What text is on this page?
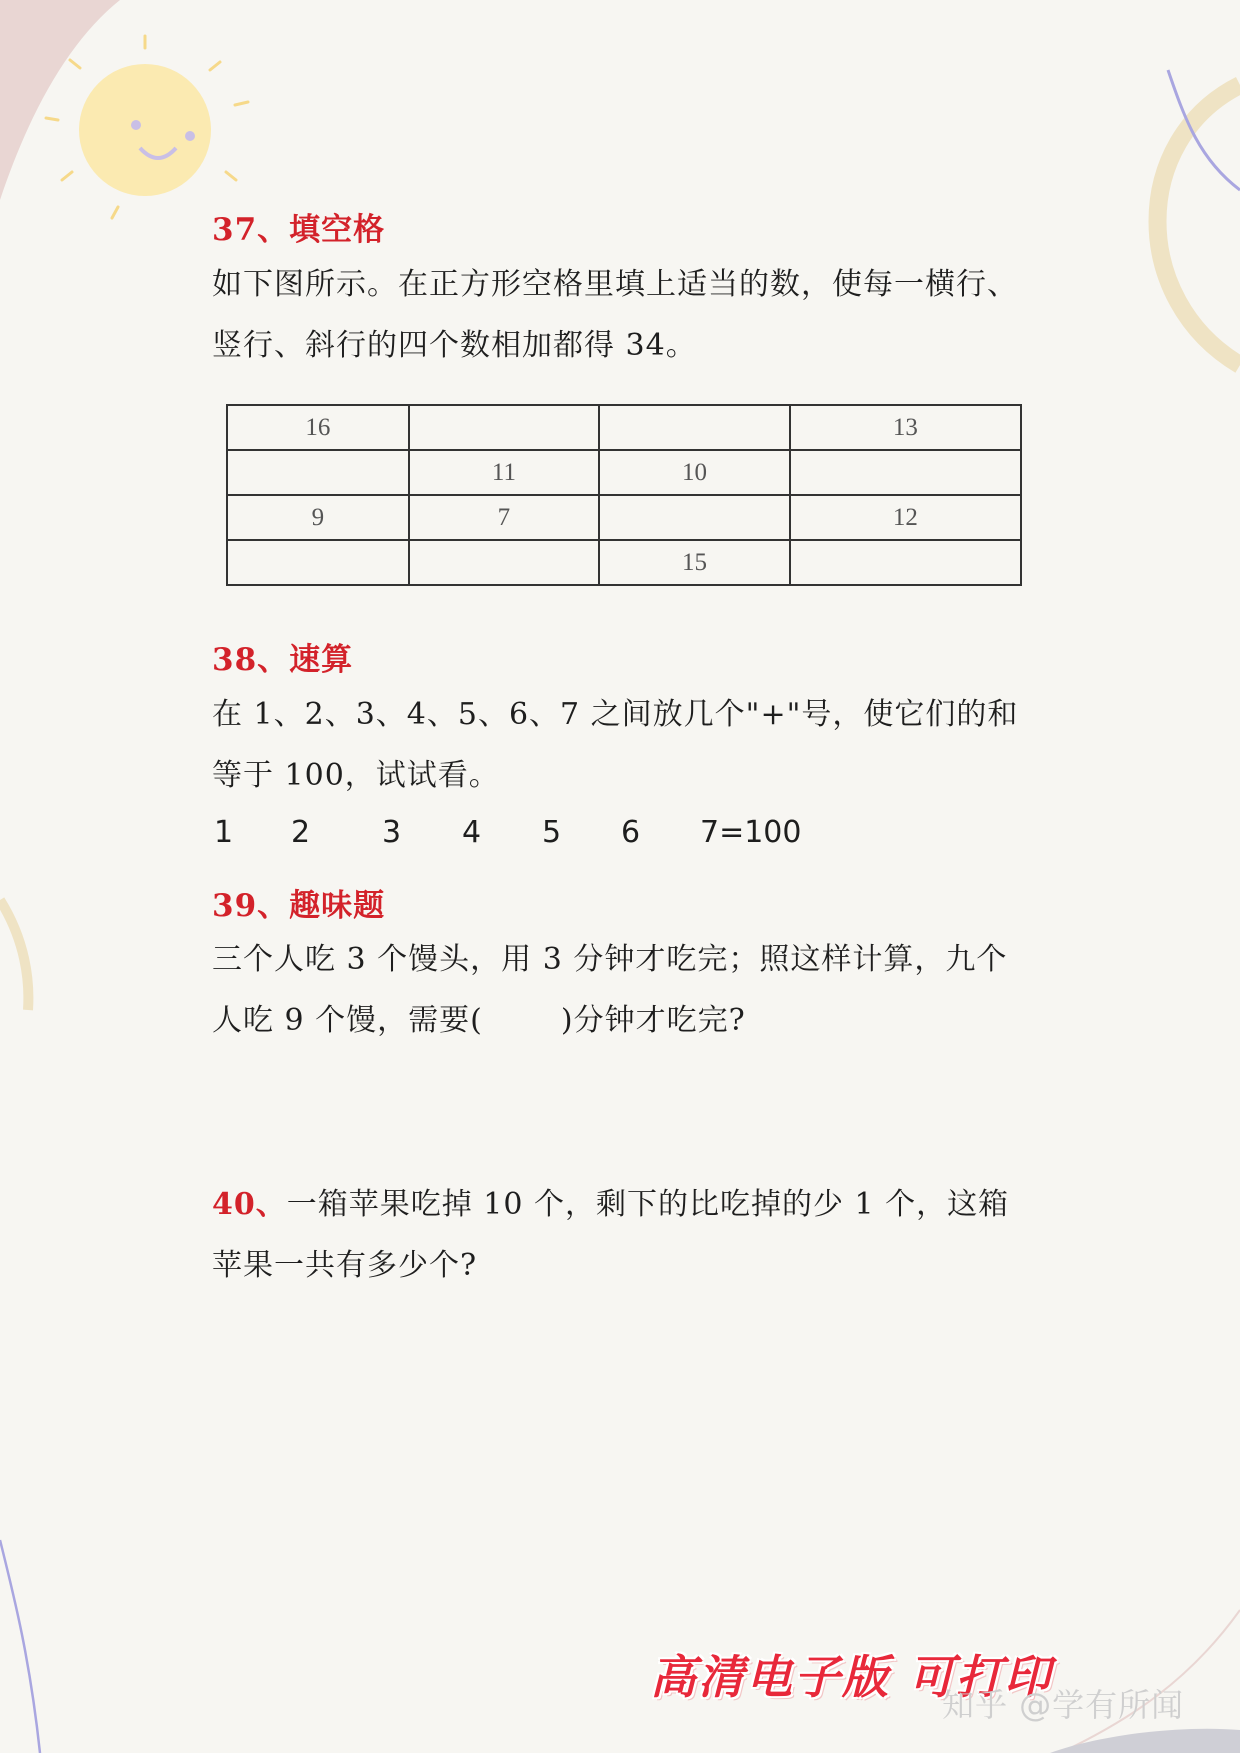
37、填空格
如下图所示。在正方形空格里填上适当的数，使每一横行、
竖行、斜行的四个数相加都得 34。
16			13
	11	10	
9	7		12
		15	
38、速算
在 1、2、3、4、5、6、7 之间放几个"+"号，使它们的和
等于 100，试试看。
1 2 3 4 5 6 7=100
39、趣味题
三个人吃 3 个馒头，用 3 分钟才吃完；照这样计算，九个
人吃 9 个馒，需要(	)分钟才吃完?
40、一箱苹果吃掉 10 个，剩下的比吃掉的少 1 个，这箱
苹果一共有多少个?
高清电子版 可打印
知乎 @学有所闻
